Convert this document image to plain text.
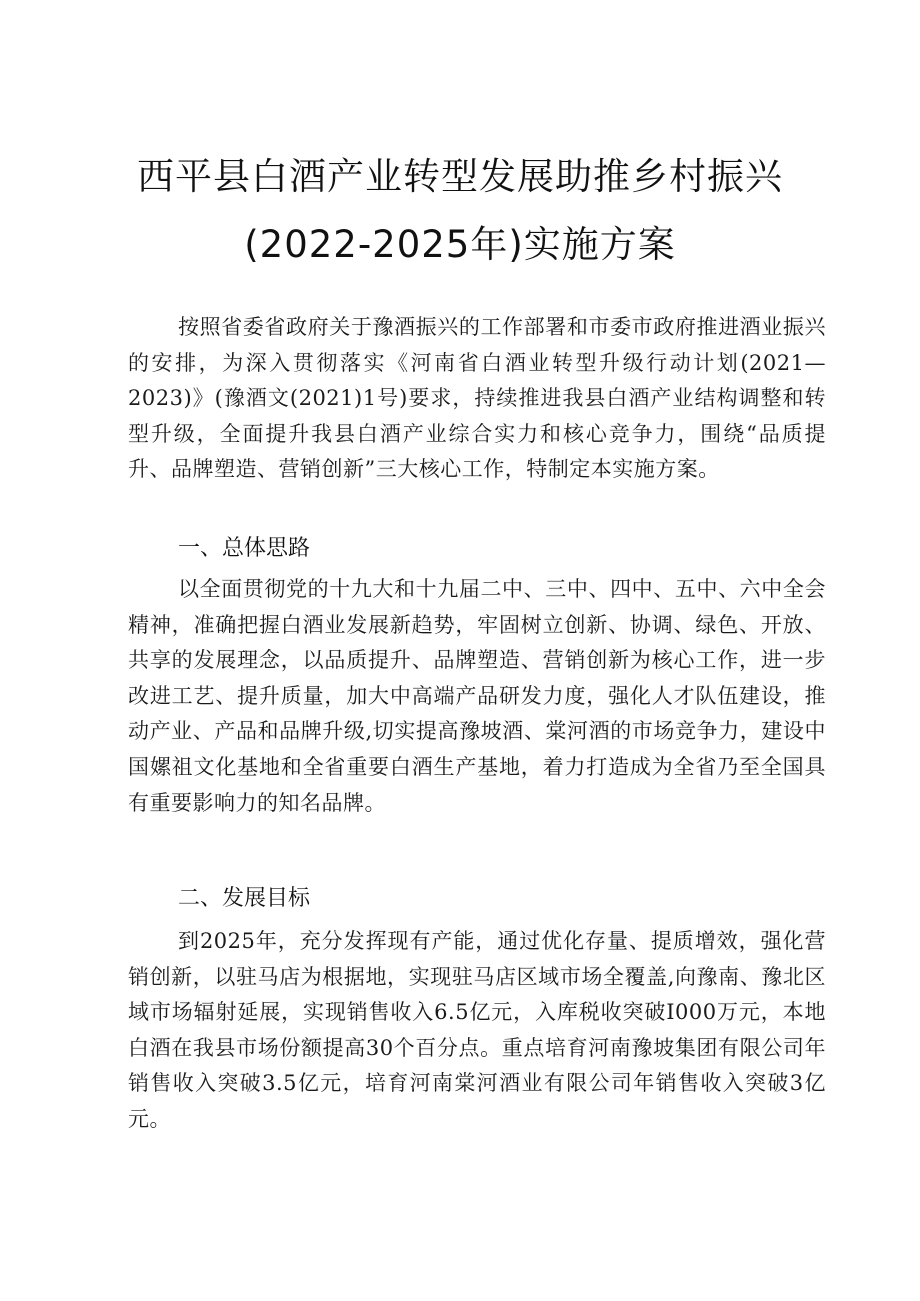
西平县白酒产业转型发展助推乡村振兴
(2022-2025年)实施方案

按照省委省政府关于豫酒振兴的工作部署和市委市政府推进酒业振兴的安排，为深入贯彻落实《河南省白酒业转型升级行动计划(2021—2023)》(豫酒文(2021)1号)要求，持续推进我县白酒产业结构调整和转型升级，全面提升我县白酒产业综合实力和核心竞争力，围绕“品质提升、品牌塑造、营销创新”三大核心工作，特制定本实施方案。

一、总体思路

以全面贯彻党的十九大和十九届二中、三中、四中、五中、六中全会精神，准确把握白酒业发展新趋势，牢固树立创新、协调、绿色、开放、共享的发展理念，以品质提升、品牌塑造、营销创新为核心工作，进一步改进工艺、提升质量，加大中高端产品研发力度，强化人才队伍建设，推动产业、产品和品牌升级,切实提高豫坡酒、棠河酒的市场竞争力，建设中国嫘祖文化基地和全省重要白酒生产基地，着力打造成为全省乃至全国具有重要影响力的知名品牌。

二、发展目标

到2025年，充分发挥现有产能，通过优化存量、提质增效，强化营销创新，以驻马店为根据地，实现驻马店区域市场全覆盖,向豫南、豫北区域市场辐射延展，实现销售收入6.5亿元，入库税收突破I000万元，本地白酒在我县市场份额提高30个百分点。重点培育河南豫坡集团有限公司年销售收入突破3.5亿元，培育河南棠河酒业有限公司年销售收入突破3亿元。
